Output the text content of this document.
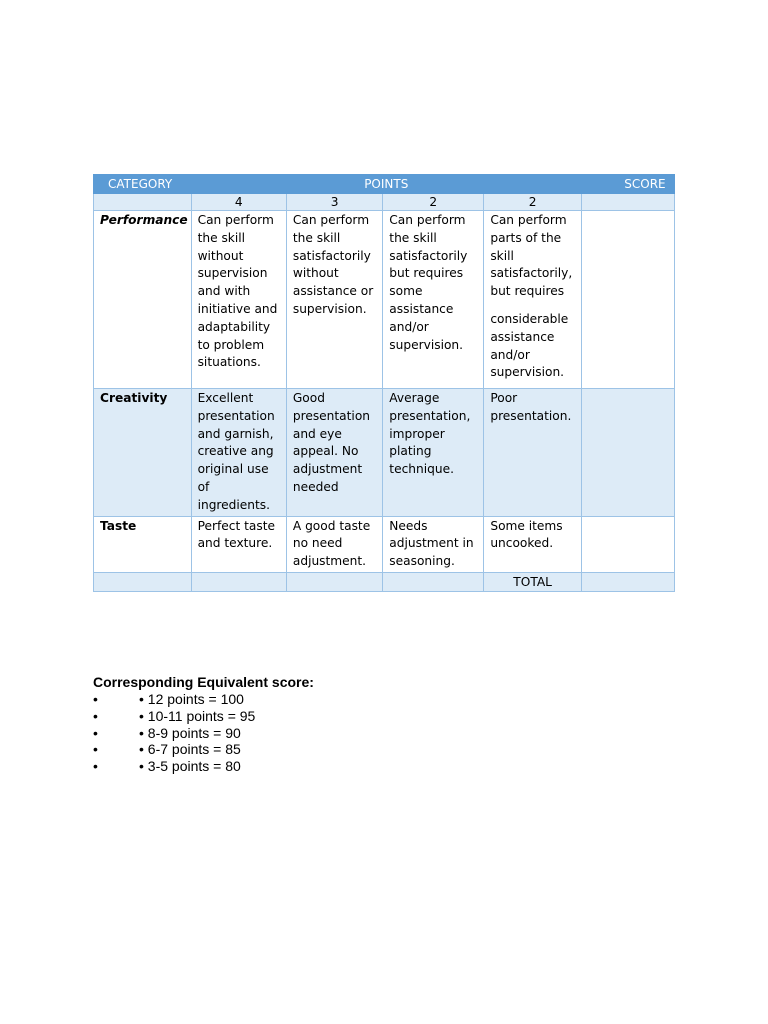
CATEGORY	POINTS				SCORE
	4	3	2	2	
Performance	Can perform the skill without supervision and with initiative and adaptability to problem situations.	Can perform the skill satisfactorily without assistance or supervision.	Can perform the skill satisfactorily but requires some assistance and/or supervision.	Can perform parts of the skill satisfactorily, but requires
considerable assistance and/or supervision.	
Creativity	Excellent presentation and garnish, creative ang original use of ingredients.	Good presentation and eye appeal. No adjustment needed	Average presentation, improper plating technique.	Poor presentation.	
Taste	Perfect taste and texture.	A good taste no need adjustment.	Needs adjustment in seasoning.	Some items uncooked.	
				TOTAL	
Corresponding Equivalent score:
•	• 12 points = 100
•	• 10-11 points = 95
•	• 8-9 points = 90
•	• 6-7 points = 85
•	• 3-5 points = 80
